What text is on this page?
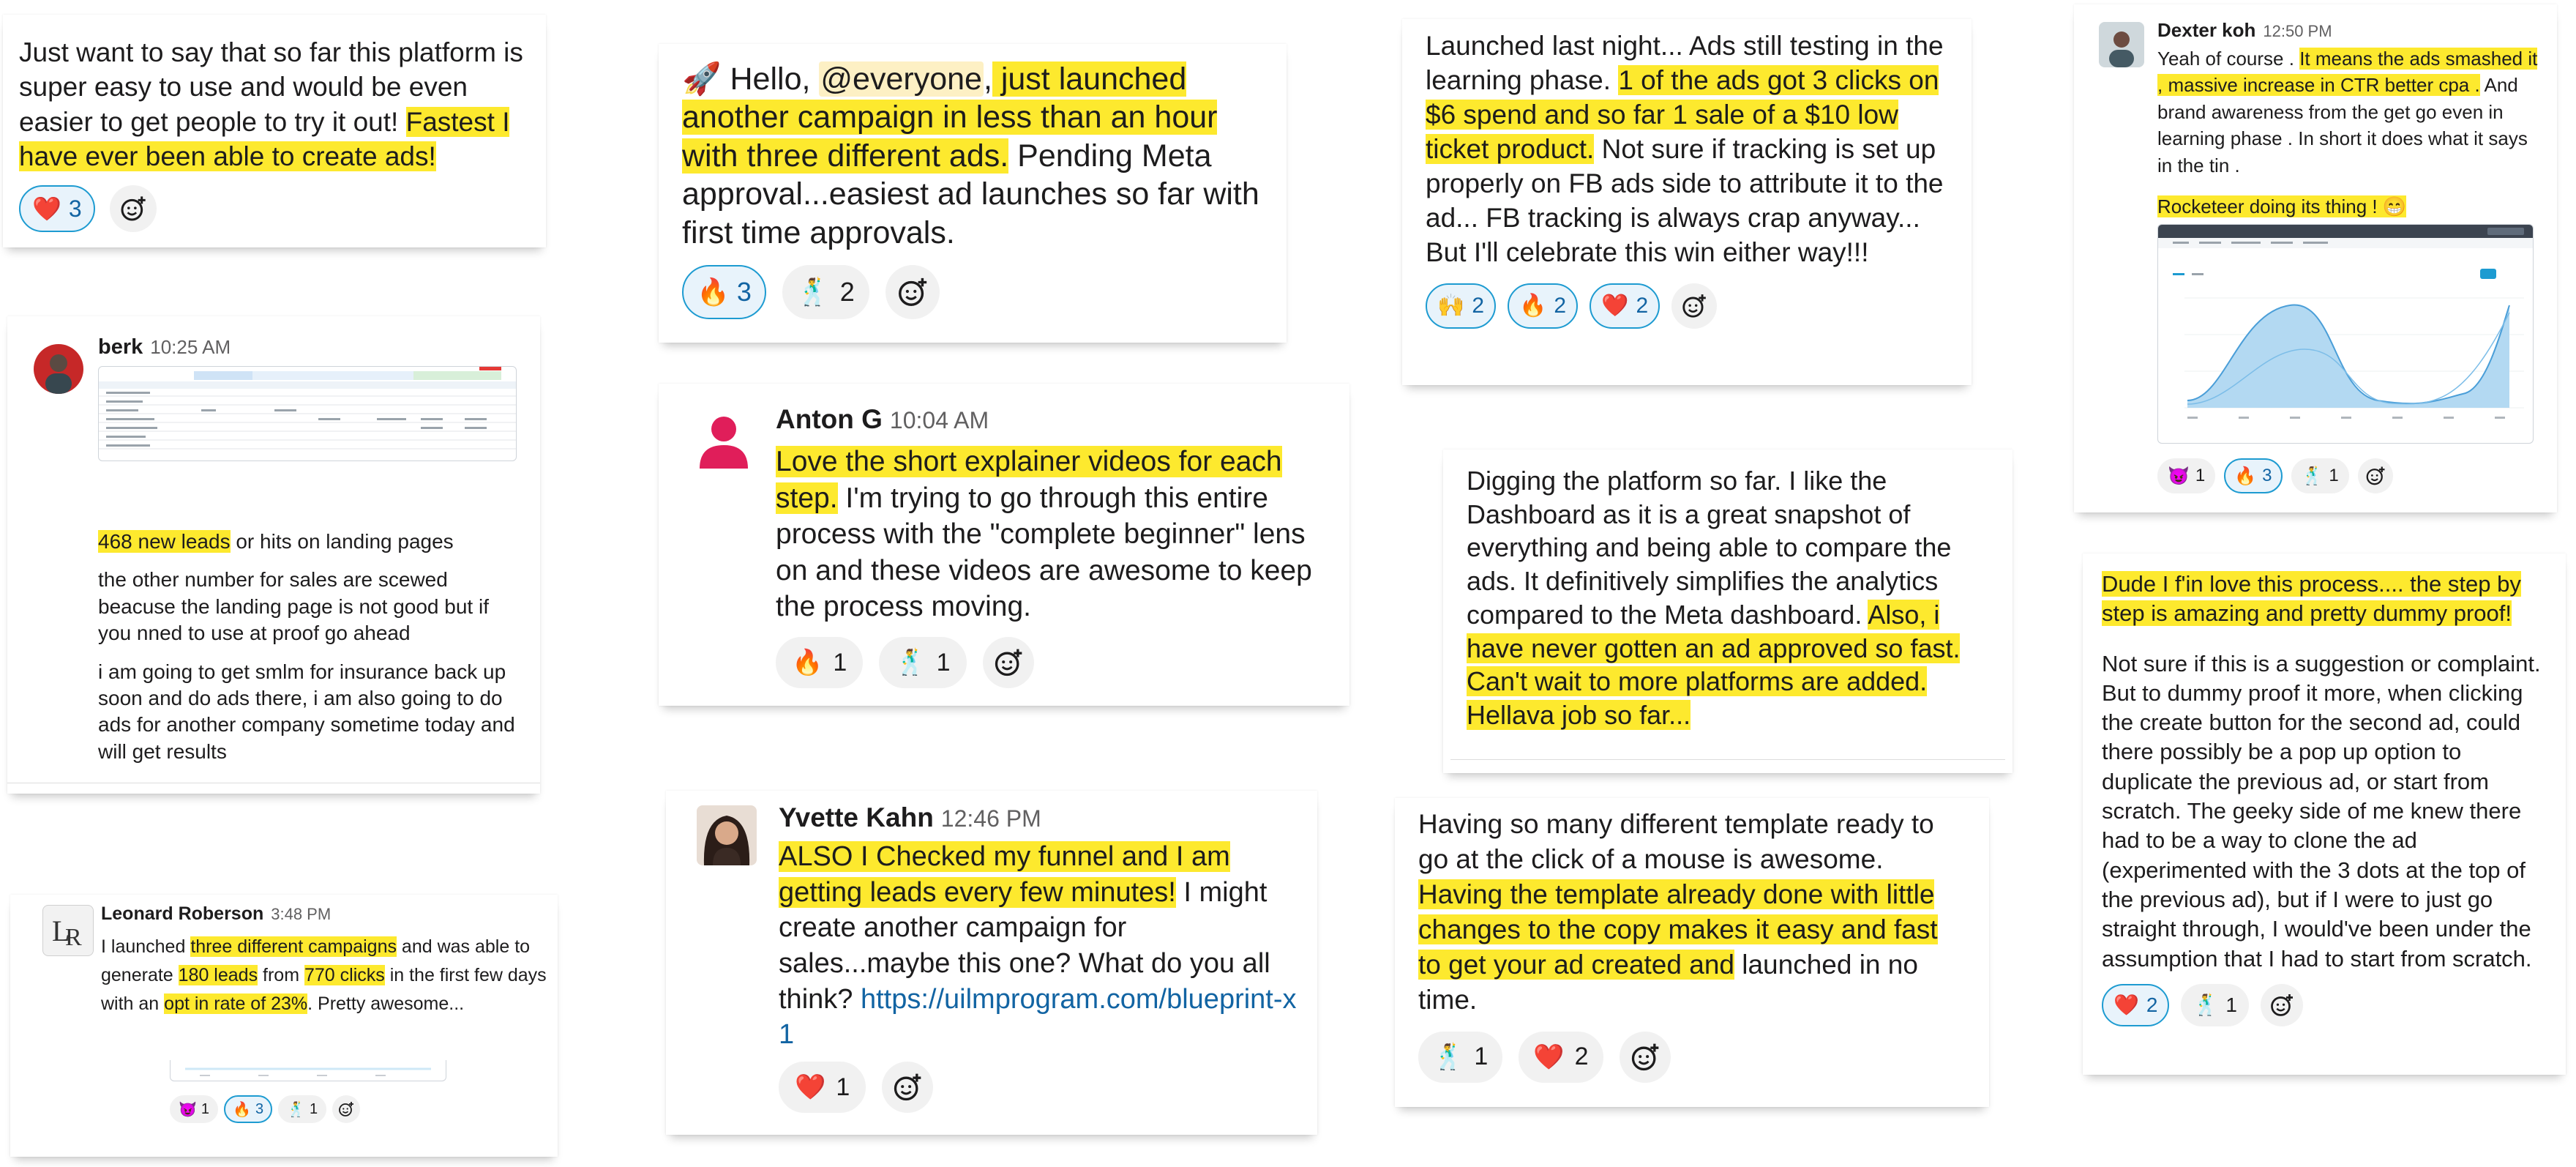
Just want to say that so far this platform is super easy to use and would be even easier to get people to try it out! Fastest I have ever been able to create ads!
❤️ 3
berk 10:25 AM
468 new leads or hits on landing pages
the other number for sales are scewed beacuse the landing page is not good but if you nned to use at proof go ahead
i am going to get smlm for insurance back up soon and do ads there, i am also going to do ads for another company sometime today and will get results
L
R
Leonard Roberson 3:48 PM
I launched three different campaigns and was able to generate 180 leads from 770 clicks in the first few days with an opt in rate of 23%. Pretty awesome...
😈 1 🔥 3 🕺 1
🚀 Hello, @everyone, just launched another campaign in less than an hour with three different ads. Pending Meta approval...easiest ad launches so far with first time approvals.
🔥 3 🕺 2
Anton G 10:04 AM
Love the short explainer videos for each step. I'm trying to go through this entire process with the "complete beginner" lens on and these videos are awesome to keep the process moving.
🔥 1 🕺 1
Yvette Kahn 12:46 PM
ALSO I Checked my funnel and I am getting leads every few minutes! I might create another campaign for sales...maybe this one? What do you all think? https://uilmprogram.com/blueprint-x1
❤️ 1
Launched last night... Ads still testing in the learning phase. 1 of the ads got 3 clicks on $6 spend and so far 1 sale of a $10 low ticket product. Not sure if tracking is set up properly on FB ads side to attribute it to the ad... FB tracking is always crap anyway... But I'll celebrate this win either way!!!
🙌 2 🔥 2 ❤️ 2
Digging the platform so far. I like the Dashboard as it is a great snapshot of everything and being able to compare the ads. It definitively simplifies the analytics compared to the Meta dashboard. Also, i have never gotten an ad approved so fast. Can't wait to more platforms are added. Hellava job so far...
Having so many different template ready to go at the click of a mouse is awesome. Having the template already done with little changes to the copy makes it easy and fast to get your ad created and launched in no time.
🕺 1 ❤️ 2
Dexter koh 12:50 PM
Yeah of course . It means the ads smashed it , massive increase in CTR better cpa . And brand awareness from the get go even in learning phase . In short it does what it says in the tin .
Rocketeer doing its thing ! 😁
😈 1 🔥 3 🕺 1
Dude I f'in love this process.... the step by step is amazing and pretty dummy proof!
Not sure if this is a suggestion or complaint. But to dummy proof it more, when clicking the create button for the second ad, could there possibly be a pop up option to duplicate the previous ad, or start from scratch. The geeky side of me knew there had to be a way to clone the ad (experimented with the 3 dots at the top of the previous ad), but if I were to just go straight through, I would've been under the assumption that I had to start from scratch.
❤️ 2 🕺 1
